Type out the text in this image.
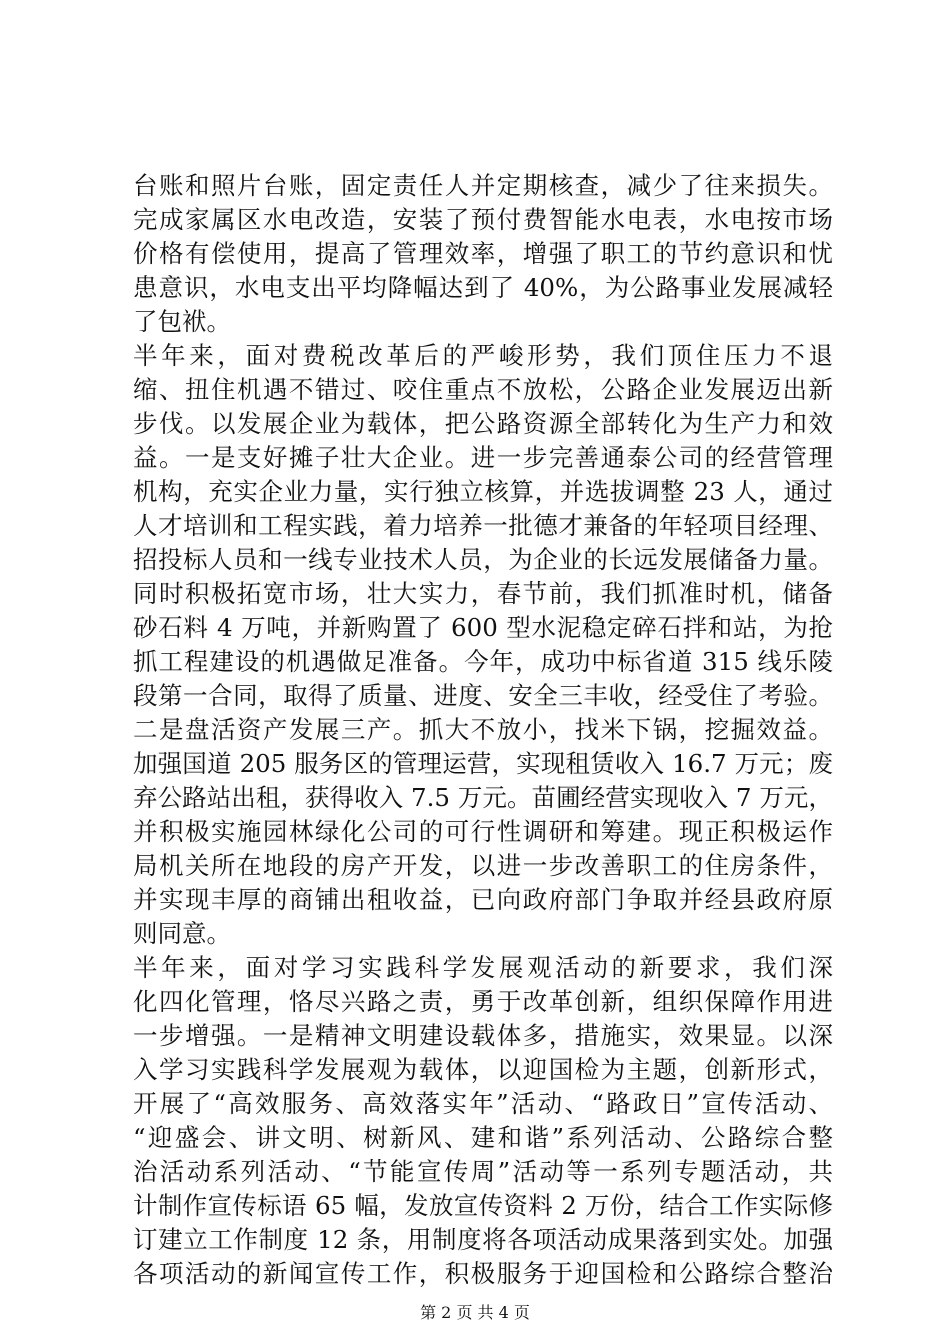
台账和照片台账，固定责任人并定期核查，减少了往来损失。
完成家属区水电改造，安装了预付费智能水电表，水电按市场
价格有偿使用，提高了管理效率，增强了职工的节约意识和忧
患意识，水电支出平均降幅达到了 40%，为公路事业发展减轻
了包袱。
半年来，面对费税改革后的严峻形势，我们顶住压力不退
缩、扭住机遇不错过、咬住重点不放松，公路企业发展迈出新
步伐。以发展企业为载体，把公路资源全部转化为生产力和效
益。一是支好摊子壮大企业。进一步完善通泰公司的经营管理
机构，充实企业力量，实行独立核算，并选拔调整 23 人，通过
人才培训和工程实践，着力培养一批德才兼备的年轻项目经理、
招投标人员和一线专业技术人员，为企业的长远发展储备力量。
同时积极拓宽市场，壮大实力，春节前，我们抓准时机，储备
砂石料 4 万吨，并新购置了 600 型水泥稳定碎石拌和站，为抢
抓工程建设的机遇做足准备。今年，成功中标省道 315 线乐陵
段第一合同，取得了质量、进度、安全三丰收，经受住了考验。
二是盘活资产发展三产。抓大不放小，找米下锅，挖掘效益。
加强国道 205 服务区的管理运营，实现租赁收入 16.7 万元；废
弃公路站出租，获得收入 7.5 万元。苗圃经营实现收入 7 万元，
并积极实施园林绿化公司的可行性调研和筹建。现正积极运作
局机关所在地段的房产开发，以进一步改善职工的住房条件，
并实现丰厚的商铺出租收益，已向政府部门争取并经县政府原
则同意。
半年来，面对学习实践科学发展观活动的新要求，我们深
化四化管理，恪尽兴路之责，勇于改革创新，组织保障作用进
一步增强。一是精神文明建设载体多，措施实，效果显。以深
入学习实践科学发展观为载体，以迎国检为主题，创新形式，
开展了“高效服务、高效落实年”活动、“路政日”宣传活动、
“迎盛会、讲文明、树新风、建和谐”系列活动、公路综合整
治活动系列活动、“节能宣传周”活动等一系列专题活动，共
计制作宣传标语 65 幅，发放宣传资料 2 万份，结合工作实际修
订建立工作制度 12 条，用制度将各项活动成果落到实处。加强
各项活动的新闻宣传工作，积极服务于迎国检和公路综合整治
第 2 页 共 4 页
